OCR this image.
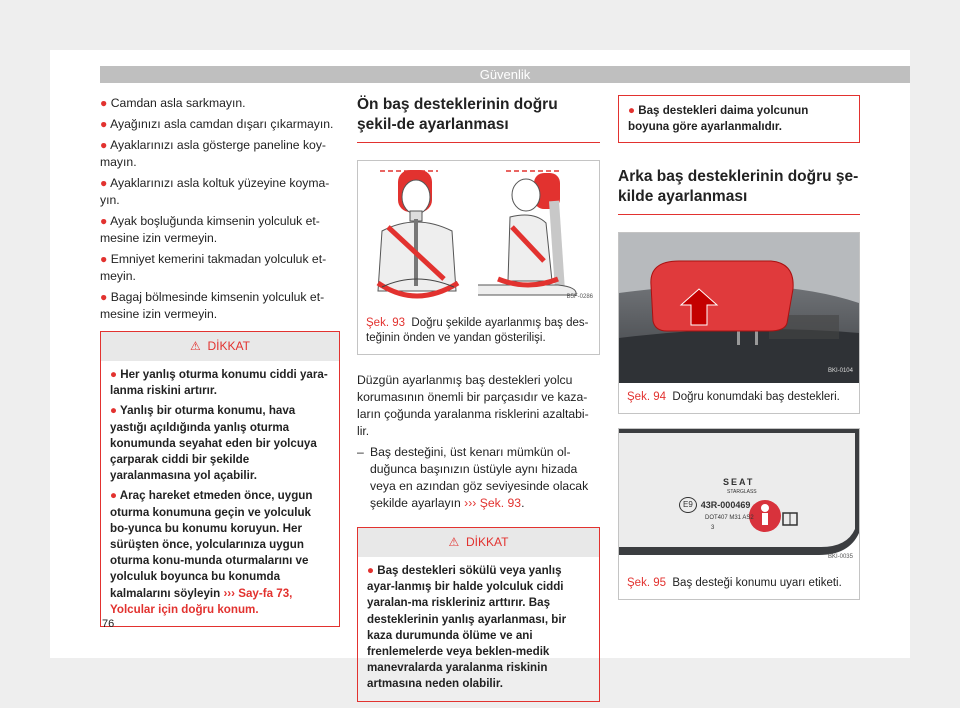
Güvenlik
● Camdan asla sarkmayın.
● Ayağınızı asla camdan dışarı çıkarmayın.
● Ayaklarınızı asla gösterge paneline koy-mayın.
● Ayaklarınızı asla koltuk yüzeyine koyma-yın.
● Ayak boşluğunda kimsenin yolculuk et-mesine izin vermeyin.
● Emniyet kemerini takmadan yolculuk et-meyin.
● Bagaj bölmesinde kimsenin yolculuk et-mesine izin vermeyin.
⚠ DİKKAT
● Her yanlış oturma konumu ciddi yara-lanma riskini artırır.
● Yanlış bir oturma konumu, hava yastığı açıldığında yanlış oturma konumunda seyahat eden bir yolcuya çarparak ciddi bir şekilde yaralanmasına yol açabilir.
● Araç hareket etmeden önce, uygun oturma konumuna geçin ve yolculuk bo-yunca bu konumu koruyun. Her sürüşten önce, yolcularınıza uygun oturma konu-munda oturmalarını ve yolculuk boyunca bu konumda kalmalarını söyleyin ››› Say-fa 73, Yolcular için doğru konum.
Ön baş desteklerinin doğru şekil-de ayarlanması
B5F-0286
Şek. 93 Doğru şekilde ayarlanmış baş des-teğinin önden ve yandan gösterilişi.

Düzgün ayarlanmış baş destekleri yolcu korumasının önemli bir parçasıdır ve kaza-ların çoğunda yaralanma risklerini azaltabi-lir.

– Baş desteğini, üst kenarı mümkün ol-duğunca başınızın üstüyle aynı hizada veya en azından göz seviyesinde olacak şekilde ayarlayın ››› Şek. 93.
⚠ DİKKAT
● Baş destekleri sökülü veya yanlış ayar-lanmış bir halde yolculuk ciddi yaralan-ma riskleriniz arttırır. Baş desteklerinin yanlış ayarlanması, bir kaza durumunda ölüme ve ani frenlemelerde veya beklen-medik manevralarda yaralanma riskinin artmasına neden olabilir.
● Baş destekleri daima yolcunun boyuna göre ayarlanmalıdır.
Arka baş desteklerinin doğru şe-kilde ayarlanması
BKI-0104
Şek. 94 Doğru konumdaki baş destekleri.
SEAT
STARGLASS
E9 43R-000469
DOT407 M31 AS2
3
BKI-0035
Şek. 95 Baş desteği konumu uyarı etiketi.
76
